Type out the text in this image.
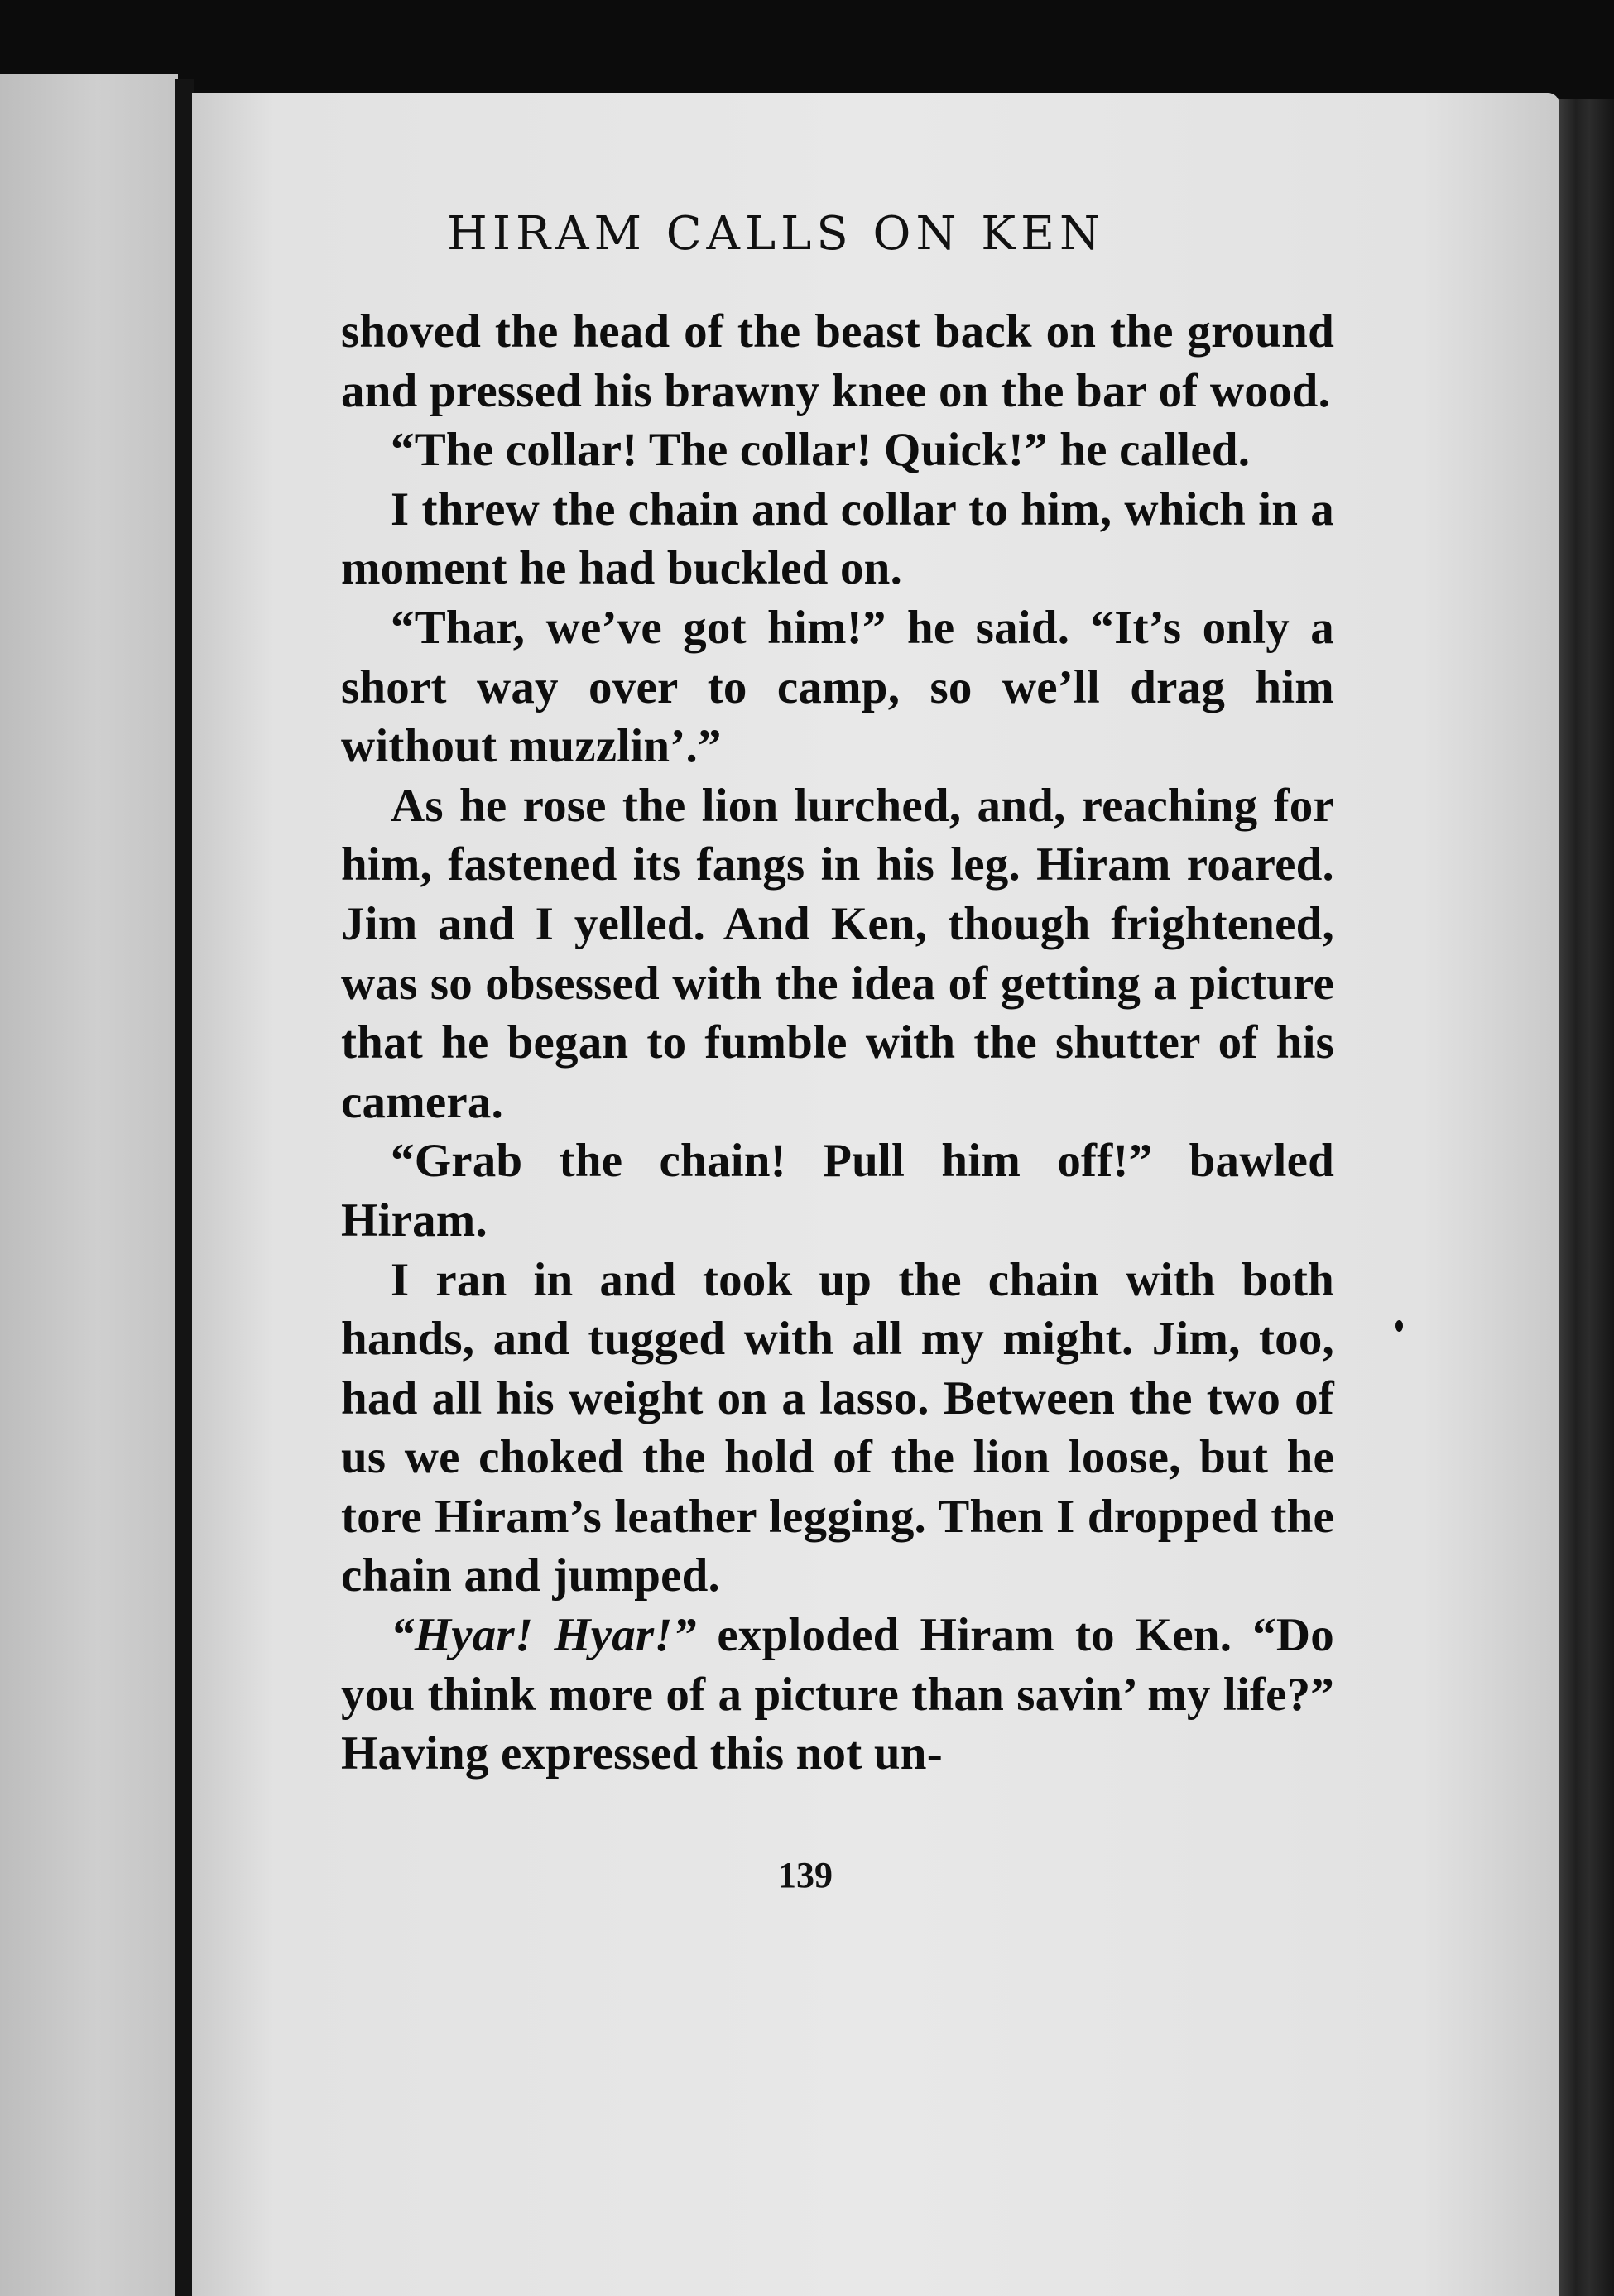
HIRAM CALLS ON KEN

shoved the head of the beast back on the ground and pressed his brawny knee on the bar of wood.

“The collar! The collar! Quick!” he called.

I threw the chain and collar to him, which in a moment he had buckled on.

“Thar, we’ve got him!” he said. “It’s only a short way over to camp, so we’ll drag him without muzzlin’.”

As he rose the lion lurched, and, reaching for him, fastened its fangs in his leg. Hiram roared. Jim and I yelled. And Ken, though frightened, was so obsessed with the idea of getting a picture that he began to fumble with the shutter of his camera.

“Grab the chain! Pull him off!” bawled Hiram.

I ran in and took up the chain with both hands, and tugged with all my might. Jim, too, had all his weight on a lasso. Between the two of us we choked the hold of the lion loose, but he tore Hiram’s leather legging. Then I dropped the chain and jumped.

“Hyar! Hyar!” exploded Hiram to Ken. “Do you think more of a picture than savin’ my life?” Having expressed this not un-

139
